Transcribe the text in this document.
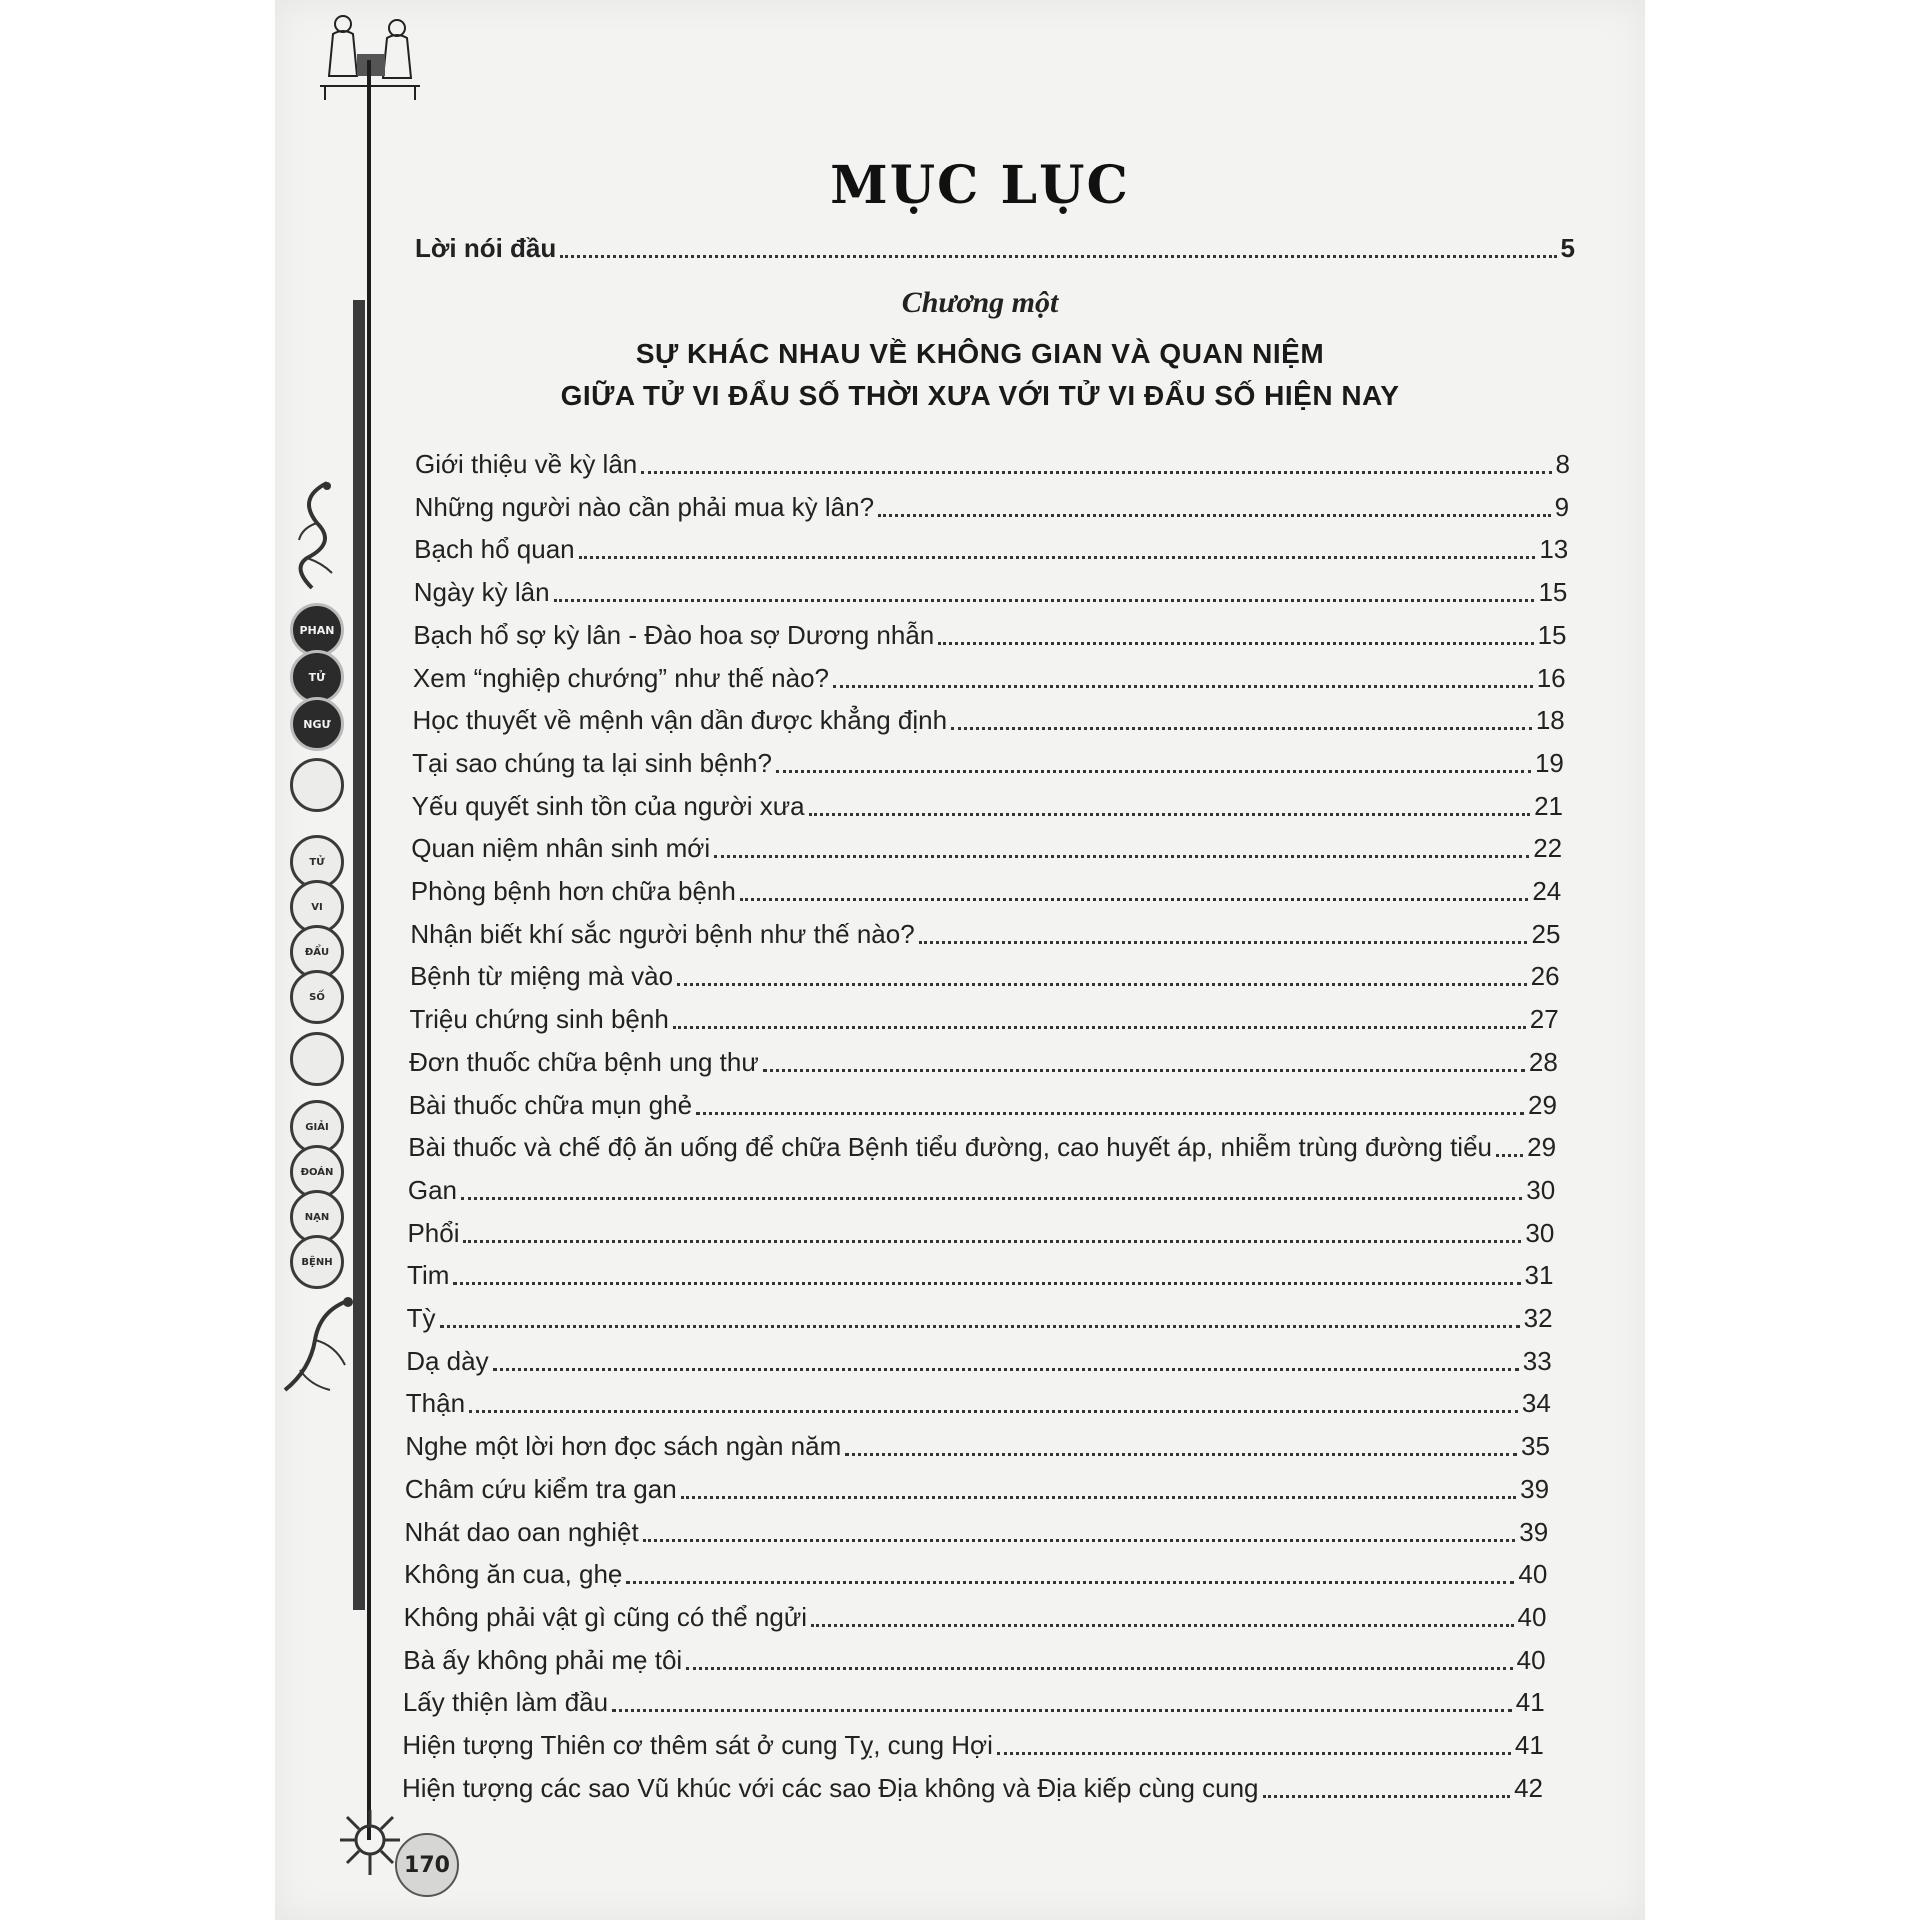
PHAN
TỬ
NGƯ
TỬ
VI
ĐẨU
SỐ
GIẢI
ĐOÁN
NẠN
BỆNH
170
MỤC LỤC
Lời nói đầu	5
Chương một
SỰ KHÁC NHAU VỀ KHÔNG GIAN VÀ QUAN NIỆM
GIỮA TỬ VI ĐẨU SỐ THỜI XƯA VỚI TỬ VI ĐẨU SỐ HIỆN NAY
Giới thiệu về kỳ lân	8
Những người nào cần phải mua kỳ lân?	9
Bạch hổ quan	13
Ngày kỳ lân	15
Bạch hổ sợ kỳ lân - Đào hoa sợ Dương nhẫn	15
Xem “nghiệp chướng” như thế nào?	16
Học thuyết về mệnh vận dần được khẳng định	18
Tại sao chúng ta lại sinh bệnh?	19
Yếu quyết sinh tồn của người xưa	21
Quan niệm nhân sinh mới	22
Phòng bệnh hơn chữa bệnh	24
Nhận biết khí sắc người bệnh như thế nào?	25
Bệnh từ miệng mà vào	26
Triệu chứng sinh bệnh	27
Đơn thuốc chữa bệnh ung thư	28
Bài thuốc chữa mụn ghẻ	29
Bài thuốc và chế độ ăn uống để chữa Bệnh tiểu đường, cao huyết áp, nhiễm trùng đường tiểu 29
Gan	30
Phổi	30
Tim	31
Tỳ	32
Dạ dày	33
Thận	34
Nghe một lời hơn đọc sách ngàn năm	35
Châm cứu kiểm tra gan	39
Nhát dao oan nghiệt	39
Không ăn cua, ghẹ	40
Không phải vật gì cũng có thể ngửi	40
Bà ấy không phải mẹ tôi	40
Lấy thiện làm đầu	41
Hiện tượng Thiên cơ thêm sát ở cung Tỵ, cung Hợi	41
Hiện tượng các sao Vũ khúc với các sao Địa không và Địa kiếp cùng cung	42
